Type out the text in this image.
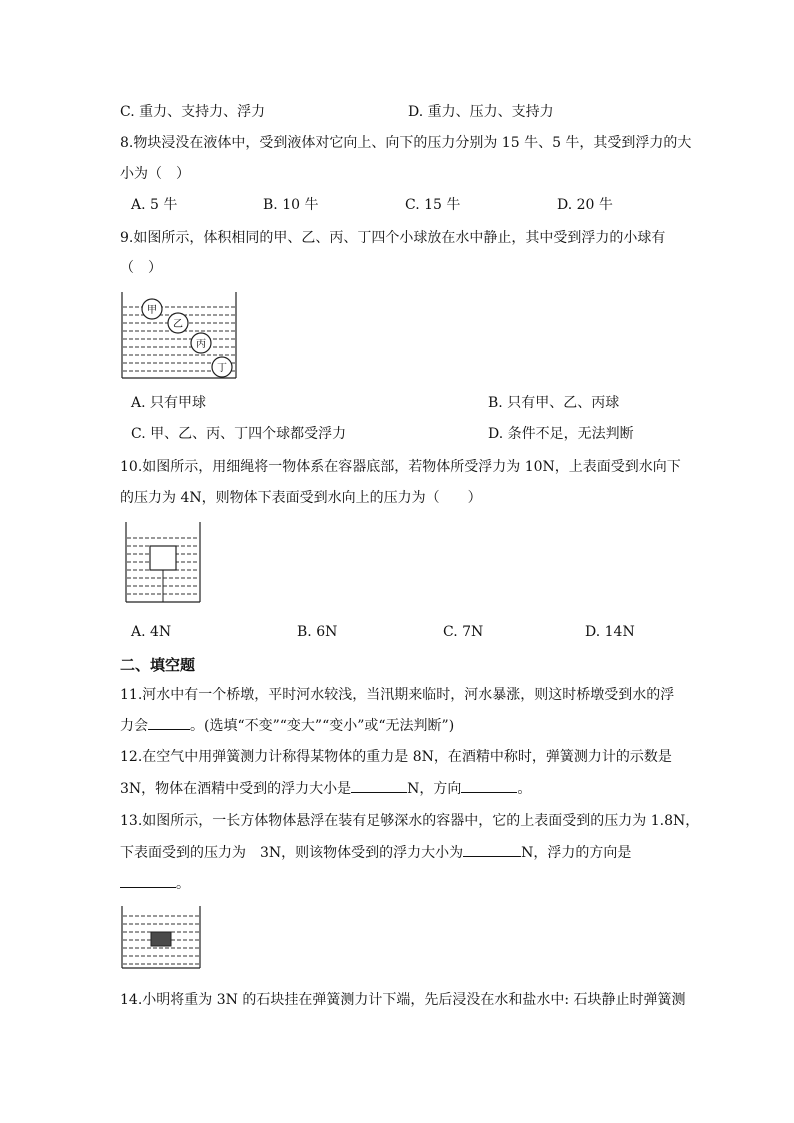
C. 重力、支持力、浮力	D. 重力、压力、支持力
8.物块浸没在液体中，受到液体对它向上、向下的压力分别为 15 牛、5 牛，其受到浮力的大
小为（　）
A. 5 牛	B. 10 牛	C. 15 牛	D. 20 牛
9.如图所示，体积相同的甲、乙、丙、丁四个小球放在水中静止，其中受到浮力的小球有
（　）
甲
乙
丙
丁
A. 只有甲球	B. 只有甲、乙、丙球
C. 甲、乙、丙、丁四个球都受浮力	D. 条件不足，无法判断
10.如图所示，用细绳将一物体系在容器底部，若物体所受浮力为 10N，上表面受到水向下
的压力为 4N，则物体下表面受到水向上的压力为（　　）
A. 4N	B. 6N	C. 7N	D. 14N
二、填空题
11.河水中有一个桥墩，平时河水较浅，当汛期来临时，河水暴涨，则这时桥墩受到水的浮
力会	。(选填“不变”“变大”“变小”或“无法判断”)
12.在空气中用弹簧测力计称得某物体的重力是 8N，在酒精中称时，弹簧测力计的示数是
3N，物体在酒精中受到的浮力大小是	N，方向	。
13.如图所示，一长方体物体悬浮在装有足够深水的容器中，它的上表面受到的压力为 1.8N，
下表面受到的压力为　3N，则该物体受到的浮力大小为	N，浮力的方向是
。
14.小明将重为 3N 的石块挂在弹簧测力计下端，先后浸没在水和盐水中: 石块静止时弹簧测
